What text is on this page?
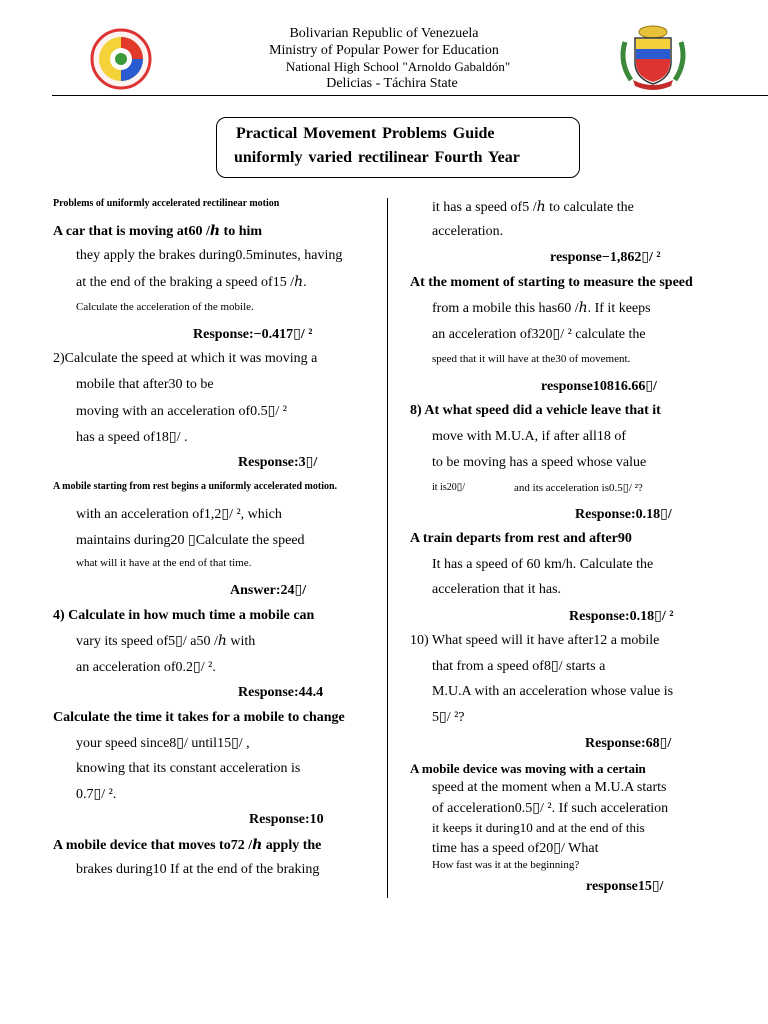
Bolivarian Republic of Venezuela
Ministry of Popular Power for Education
National High School "Arnoldo Gabaldón"
Delicias - Táchira State
Practical Movement Problems Guide
uniformly varied rectilinear Fourth Year
Problems of uniformly accelerated rectilinear motion
A car that is moving at60 /ℎ to him
they apply the brakes during0.5minutes, having
at the end of the braking a speed of15 /ℎ.
Calculate the acceleration of the mobile.
Response:−0.417▯/ ²
2)Calculate the speed at which it was moving a
mobile that after30 to be
moving with an acceleration of0.5▯/ ²
has a speed of18▯/ .
Response:3▯/
A mobile starting from rest begins a uniformly accelerated motion.
with an acceleration of1,2▯/ ², which
maintains during20 ▯Calculate the speed
what will it have at the end of that time.
Answer:24▯/
4) Calculate in how much time a mobile can
vary its speed of5▯/ a50 /ℎ with
an acceleration of0.2▯/ ².
Response:44.4
Calculate the time it takes for a mobile to change
your speed since8▯/ until15▯/ ,
knowing that its constant acceleration is
0.7▯/ ².
Response:10
A mobile device that moves to72 /ℎ apply the
brakes during10 If at the end of the braking
it has a speed of5 /ℎ to calculate the
acceleration.
response−1,862▯/ ²
At the moment of starting to measure the speed
from a mobile this has60 /ℎ. If it keeps
an acceleration of320▯/ ² calculate the
speed that it will have at the30 of movement.
response10816.66▯/
8) At what speed did a vehicle leave that it
move with M.U.A, if after all18 of
to be moving has a speed whose value
it is20▯/	and its acceleration is0.5▯/ ²?
Response:0.18▯/
A train departs from rest and after90
It has a speed of 60 km/h. Calculate the
acceleration that it has.
Response:0.18▯/ ²
10) What speed will it have after12 a mobile
that from a speed of8▯/ starts a
M.U.A with an acceleration whose value is
5▯/ ²?
Response:68▯/
A mobile device was moving with a certain
speed at the moment when a M.U.A starts
of acceleration0.5▯/ ². If such acceleration
it keeps it during10 and at the end of this
time has a speed of20▯/ What
How fast was it at the beginning?
response15▯/
